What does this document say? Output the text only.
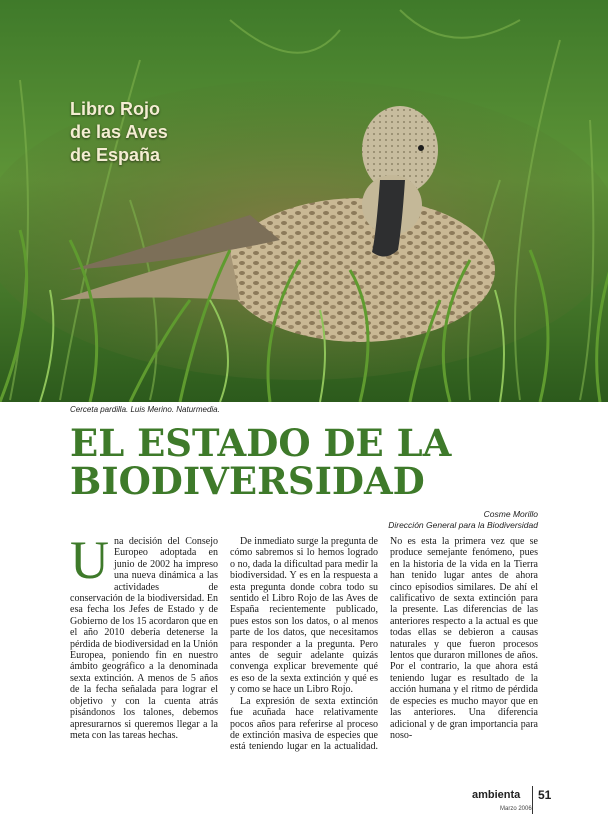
Libro Rojo
de las Aves
de España
Cerceta pardilla. Luis Merino. Naturmedia.
EL ESTADO DE LA
BIODIVERSIDAD
Cosme Morillo
Dirección General para la Biodiversidad

Una decisión del Consejo Europeo adoptada en junio de 2002 ha impreso una nueva dinámica a las actividades de conservación de la biodiversidad. En esa fecha los Jefes de Estado y de Gobierno de los 15 acordaron que en el año 2010 debería detenerse la pérdida de biodiversidad en la Unión Europea, poniendo fin en nuestro ámbito geográfico a la denominada sexta extinción. A menos de 5 años de la fecha señalada para lograr el objetivo y con la cuenta atrás pisándonos los talones, debemos apresurarnos si queremos llegar a la meta con las tareas hechas.

De inmediato surge la pregunta de cómo sabremos si lo hemos logrado o no, dada la dificultad para medir la biodiversidad. Y es en la respuesta a esta pregunta donde cobra todo su sentido el Libro Rojo de las Aves de España recientemente publicado, pues estos son los datos, o al menos parte de los datos, que necesitamos para responder a la pregunta. Pero antes de seguir adelante quizás convenga explicar brevemente qué es eso de la sexta extinción y qué es y como se hace un Libro Rojo.

La expresión de sexta extinción fue acuñada hace relativamente pocos años para referirse al proceso de extinción masiva de especies que está teniendo lugar en la actualidad. No es esta la primera vez que se produce semejante fenómeno, pues en la historia de la vida en la Tierra han tenido lugar antes de ahora cinco episodios similares. De ahí el calificativo de sexta extinción para la presente. Las diferencias de las anteriores respecto a la actual es que todas ellas se debieron a causas naturales y que fueron procesos lentos que duraron millones de años. Por el contrario, la que ahora está teniendo lugar es resultado de la acción humana y el ritmo de pérdida de especies es mucho mayor que en las anteriores. Una diferencia adicional y de gran importancia para noso-

ambienta
Marzo 2006
51
